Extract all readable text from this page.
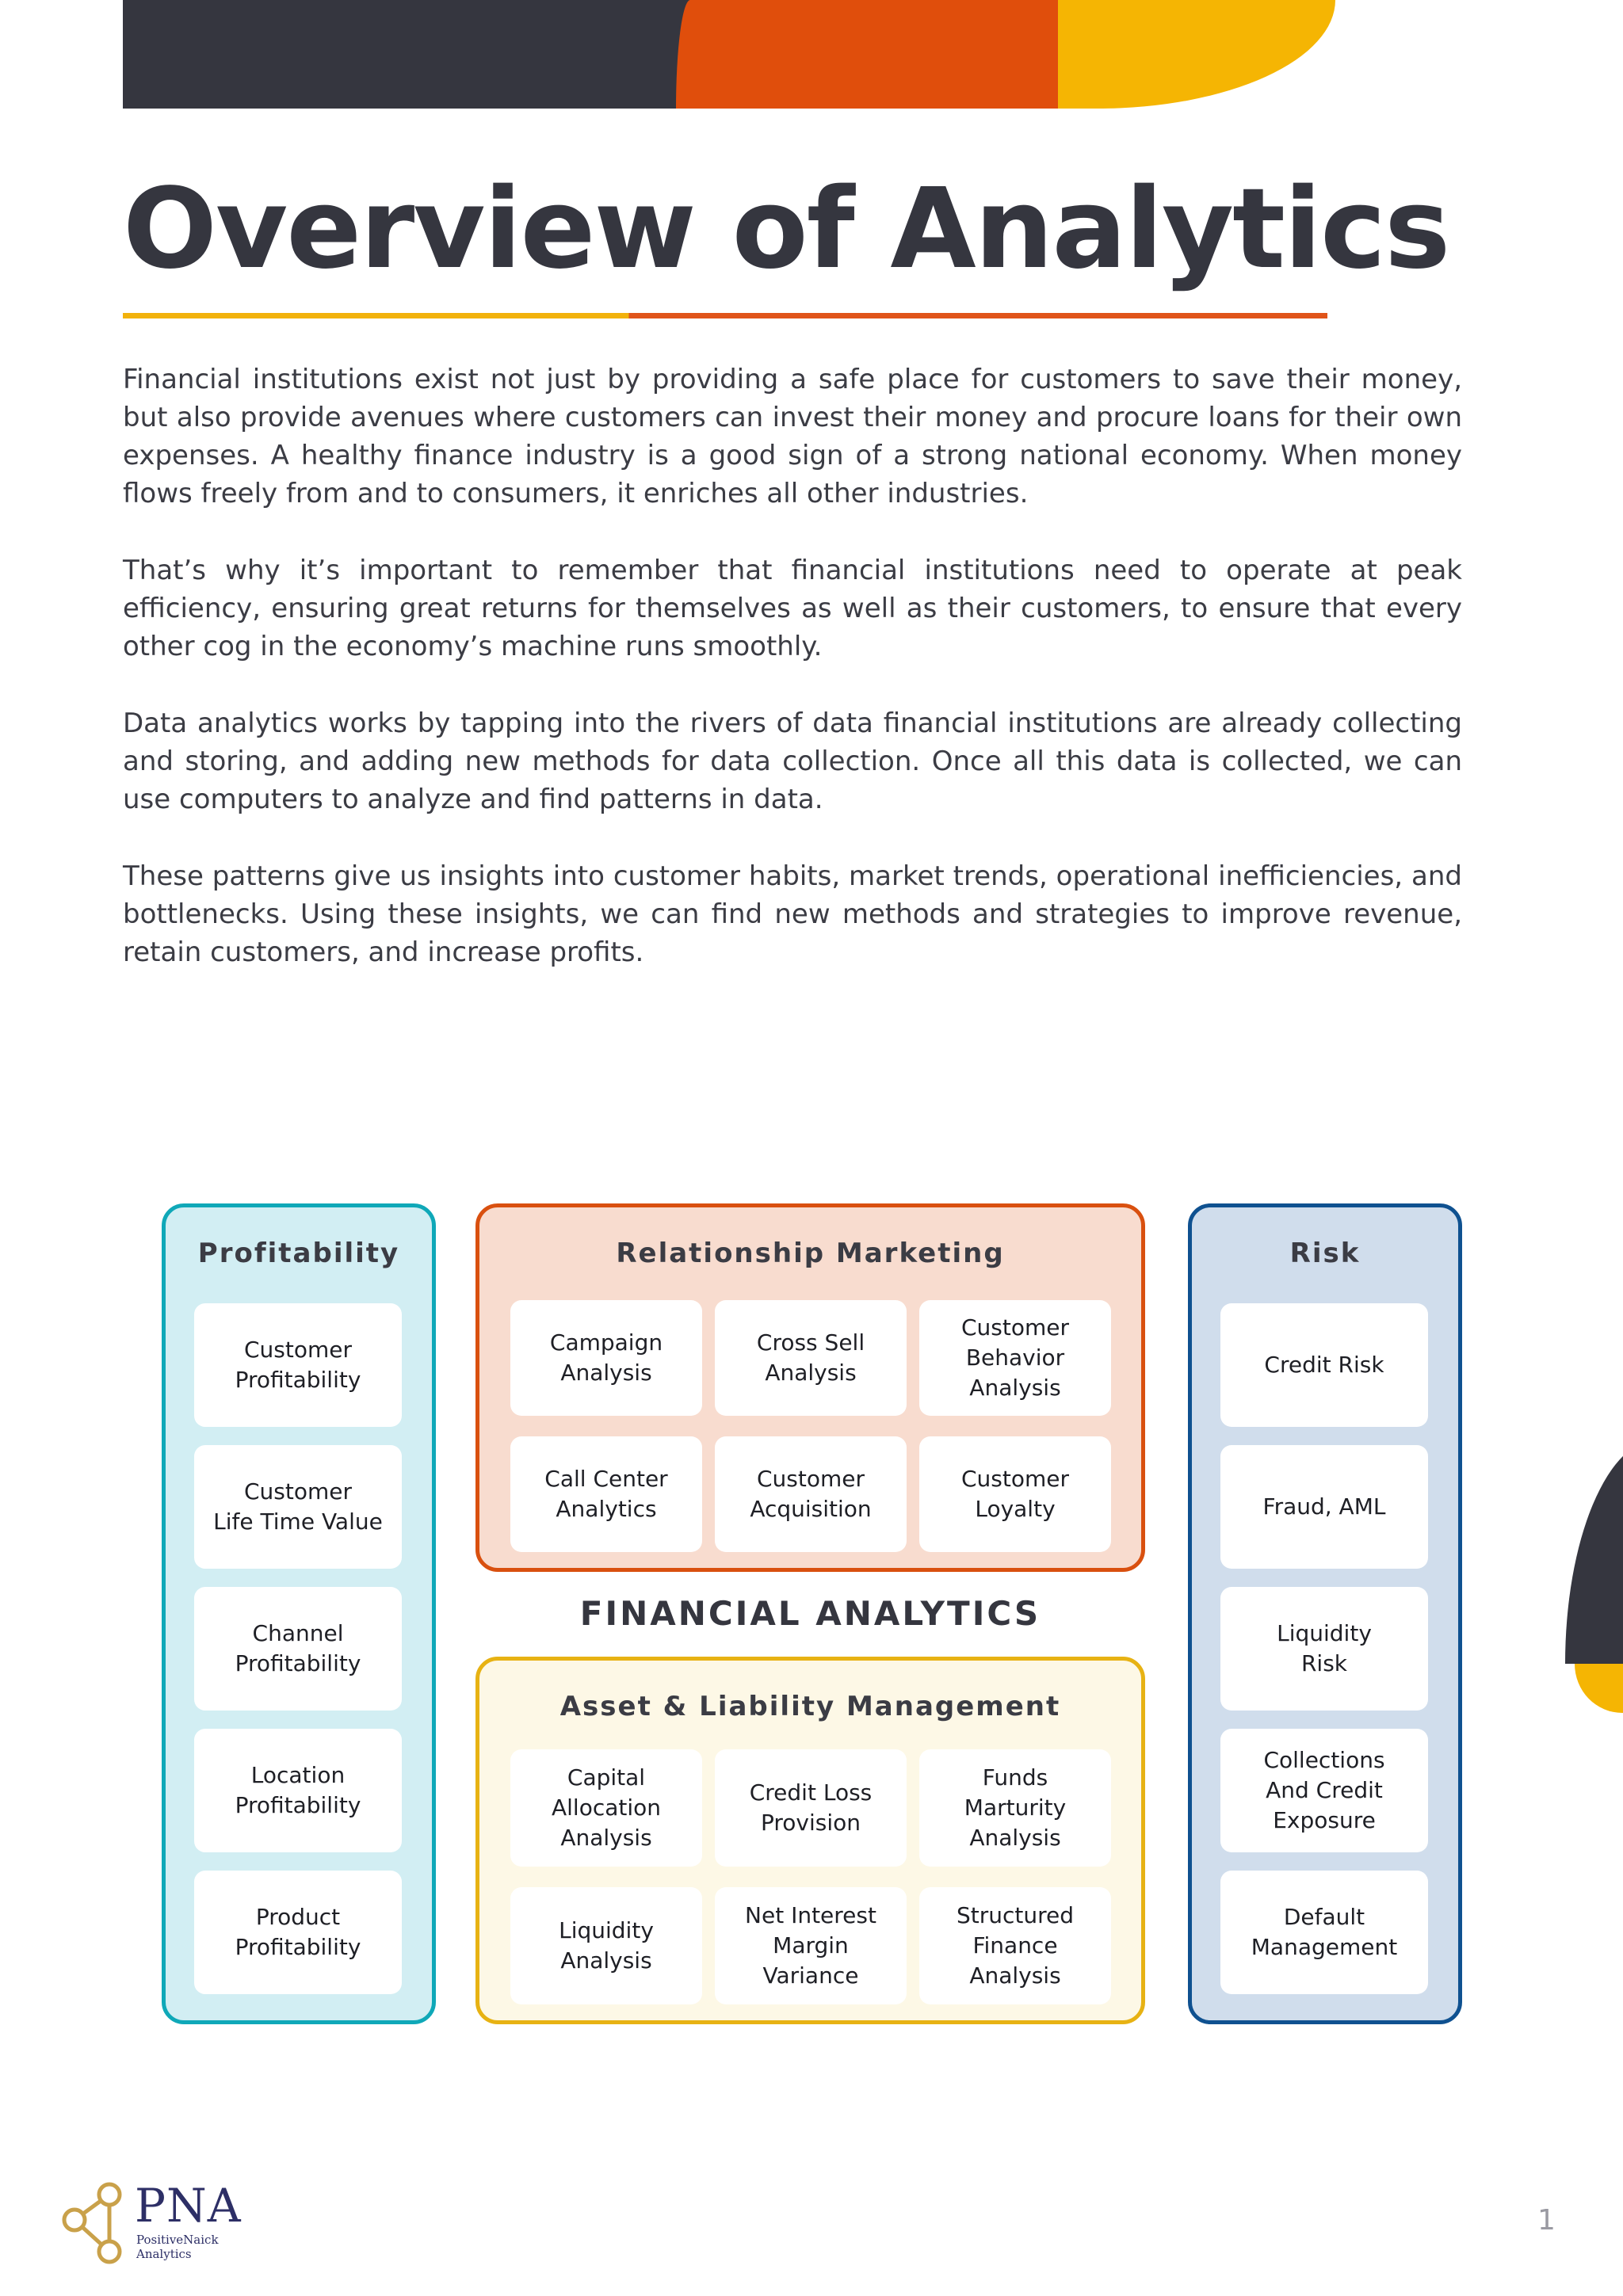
Overview of Analytics

Financial institutions exist not just by providing a safe place for customers to save their money, but also provide avenues where customers can invest their money and procure loans for their own expenses. A healthy finance industry is a good sign of a strong national economy. When money flows freely from and to consumers, it enriches all other industries.

That’s why it’s important to remember that financial institutions need to operate at peak efficiency, ensuring great returns for themselves as well as their customers, to ensure that every other cog in the economy’s machine runs smoothly.

Data analytics works by tapping into the rivers of data financial institutions are already collecting and storing, and adding new methods for data collection. Once all this data is collected, we can use computers to analyze and find patterns in data.

These patterns give us insights into customer habits, market trends, operational inefficiencies, and bottlenecks. Using these insights, we can find new methods and strategies to improve revenue, retain customers, and increase profits.

Profitability
Customer
Profitability
Customer
Life Time Value
Channel
Profitability
Location
Profitability
Product
Profitability
Relationship Marketing
Campaign
Analysis
Cross Sell
Analysis
Customer
Behavior
Analysis
Call Center
Analytics
Customer
Acquisition
Customer
Loyalty
FINANCIAL ANALYTICS
Asset & Liability Management
Capital
Allocation
Analysis
Credit Loss
Provision
Funds
Marturity
Analysis
Liquidity
Analysis
Net Interest
Margin
Variance
Structured
Finance
Analysis
Risk
Credit Risk
Fraud, AML
Liquidity
Risk
Collections
And Credit
Exposure
Default
Management
PNA
PositiveNaick
Analytics
1
